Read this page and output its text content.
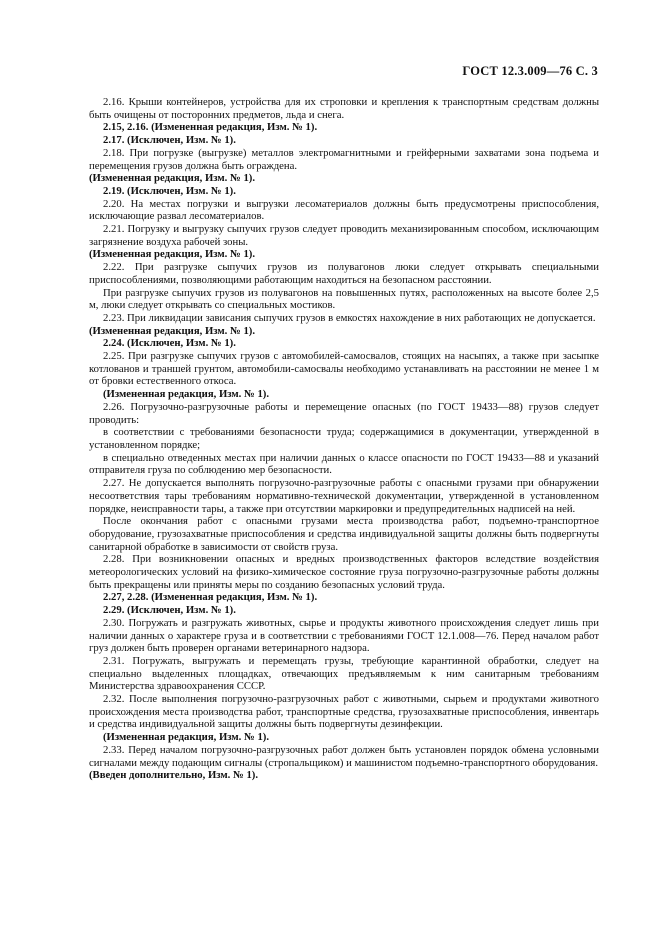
ГОСТ 12.3.009—76 С. 3

2.16. Крыши контейнеров, устройства для их строповки и крепления к транспортным средствам должны быть очищены от посторонних предметов, льда и снега.

2.15, 2.16. (Измененная редакция, Изм. № 1).

2.17. (Исключен, Изм. № 1).

2.18. При погрузке (выгрузке) металлов электромагнитными и грейферными захватами зона подъема и перемещения грузов должна быть ограждена.

(Измененная редакция, Изм. № 1).

2.19. (Исключен, Изм. № 1).

2.20. На местах погрузки и выгрузки лесоматериалов должны быть предусмотрены приспособления, исключающие развал лесоматериалов.

2.21. Погрузку и выгрузку сыпучих грузов следует проводить механизированным способом, исключающим загрязнение воздуха рабочей зоны.

(Измененная редакция, Изм. № 1).

2.22. При разгрузке сыпучих грузов из полувагонов люки следует открывать специальными приспособлениями, позволяющими работающим находиться на безопасном расстоянии.

При разгрузке сыпучих грузов из полувагонов на повышенных путях, расположенных на высоте более 2,5 м, люки следует открывать со специальных мостиков.

2.23. При ликвидации зависания сыпучих грузов в емкостях нахождение в них работающих не допускается.

(Измененная редакция, Изм. № 1).

2.24. (Исключен, Изм. № 1).

2.25. При разгрузке сыпучих грузов с автомобилей-самосвалов, стоящих на насыпях, а также при засыпке котлованов и траншей грунтом, автомобили-самосвалы необходимо устанавливать на расстоянии не менее 1 м от бровки естественного откоса.

(Измененная редакция, Изм. № 1).

2.26. Погрузочно-разгрузочные работы и перемещение опасных (по ГОСТ 19433—88) грузов следует проводить:

в соответствии с требованиями безопасности труда; содержащимися в документации, утвержденной в установленном порядке;

в специально отведенных местах при наличии данных о классе опасности по ГОСТ 19433—88 и указаний отправителя груза по соблюдению мер безопасности.

2.27. Не допускается выполнять погрузочно-разгрузочные работы с опасными грузами при обнаружении несоответствия тары требованиям нормативно-технической документации, утвержденной в установленном порядке, неисправности тары, а также при отсутствии маркировки и предупредительных надписей на ней.

После окончания работ с опасными грузами места производства работ, подъемно-транспортное оборудование, грузозахватные приспособления и средства индивидуальной защиты должны быть подвергнуты санитарной обработке в зависимости от свойств груза.

2.28. При возникновении опасных и вредных производственных факторов вследствие воздействия метеорологических условий на физико-химическое состояние груза погрузочно-разгрузочные работы должны быть прекращены или приняты меры по созданию безопасных условий труда.

2.27, 2.28. (Измененная редакция, Изм. № 1).

2.29. (Исключен, Изм. № 1).

2.30. Погружать и разгружать животных, сырье и продукты животного происхождения следует лишь при наличии данных о характере груза и в соответствии с требованиями ГОСТ 12.1.008—76. Перед началом работ груз должен быть проверен органами ветеринарного надзора.

2.31. Погружать, выгружать и перемещать грузы, требующие карантинной обработки, следует на специально выделенных площадках, отвечающих предъявляемым к ним санитарным требованиям Министерства здравоохранения СССР.

2.32. После выполнения погрузочно-разгрузочных работ с животными, сырьем и продуктами животного происхождения места производства работ, транспортные средства, грузозахватные приспособления, инвентарь и средства индивидуальной защиты должны быть подвергнуты дезинфекции.

(Измененная редакция, Изм. № 1).

2.33. Перед началом погрузочно-разгрузочных работ должен быть установлен порядок обмена условными сигналами между подающим сигналы (стропальщиком) и машинистом подъемно-транспортного оборудования.

(Введен дополнительно, Изм. № 1).
